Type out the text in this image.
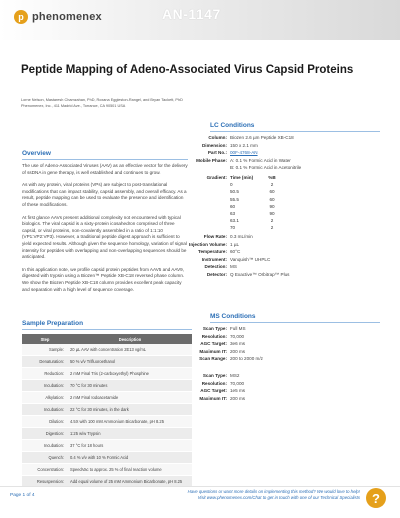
p phenomenex	AN-1147
Peptide Mapping of Adeno-Associated Virus Capsid Proteins
Lorne Nelson, Mastaresh Chamzahan, PhD, Roxana Eggleston-Rangel, and Bryan Tackett, PhD
Phenomenex, Inc., 411 Madrid Ave., Torrance, CA 90501 USA
Overview

The use of Adeno-Associated Viruses (AAV) as an effective vector for the delivery of ssDNA in gene therapy, is well established and continues to grow.

As with any protein, viral proteins (VPs) are subject to post-translational modifications that can impact stability, capsid assembly, and overall efficacy. As a result, peptide mapping can be used to evaluate the presence and identification of these modifications.

At first glance AAVs present additional complexity not encountered with typical biologics. The viral capsid is a sixty-protein icosahedron comprised of three capsid, or viral proteins, non-covalently assembled in a ratio of 1:1:10 (VP1:VP2:VP3). However, a traditional peptide digest approach is sufficient to yield expected results. Although given the sequence homology, variation of signal intensity for peptides with overlapping and non-overlapping sequences should be anticipated.

In this application note, we profile capsid protein peptides from AAV5 and AAV9, digested with trypsin using a Biozen™ Peptide XB-C18 reversed phase column. We show the Biozen Peptide XB-C18 column provides excellent peak capacity and separation with a high level of sequence coverage.

Sample Preparation
Step	Description
Sample:	20 µL AAV with concentration 2E13 vg/mL
Denaturation:	50 % v/v Trifluoroethanol
Reduction:	2 mM Final Tris (2-carboxyethyl) Phosphine
Incubation:	70 °C for 30 minutes
Alkylation:	2 mM Final Iodoacetamide
Incubation:	22 °C for 30 minutes, in the dark
Dilution:	4.5X with 100 mM Ammonium Bicarbonate, pH 8.25
Digestion:	1:25 w/w Trypsin
Incubation:	37 °C for 18 hours
Quench:	0.4 % v/v with 10 % Formic Acid
Concentration:	SpeedVac to approx. 25 % of final reaction volume
Resuspension:	Add equal volume of 25 mM Ammonium Bicarbonate, pH 8.25
LC Conditions
Column: Biozen 2.6 µm Peptide XB-C18
Dimension: 150 x 2.1 mm
Part No.: 00F-4768-AN
Mobile Phase: A: 0.1 % Formic Acid in Water
B: 0.1 % Formic Acid in Acetonitrile
Gradient: Time (min)	%B
0	2
50.5	60
55.5	60
60	90
63	90
63.1	2
70	2
Flow Rate: 0.3 mL/min
Injection Volume: 1 µL
Temperature: 60°C
Instrument: Vanquish™ UHPLC
Detection: MS
Detector: Q Exactive™ Orbitrap™ Plus
MS Conditions
Scan Type: Full MS
Resolution: 70,000
AGC Target: 3e6 ms
Maximum IT: 200 ms
Scan Range: 200 to 2000 m/z
Scan Type: MS2
Resolution: 70,000
AGC Target: 1e5 ms
Maximum IT: 200 ms
Page 1 of 4
Have questions or want more details on implementing this method? We would love to help!
Visit www.phenomenex.com/Chat to get in touch with one of our Technical Specialists ?
